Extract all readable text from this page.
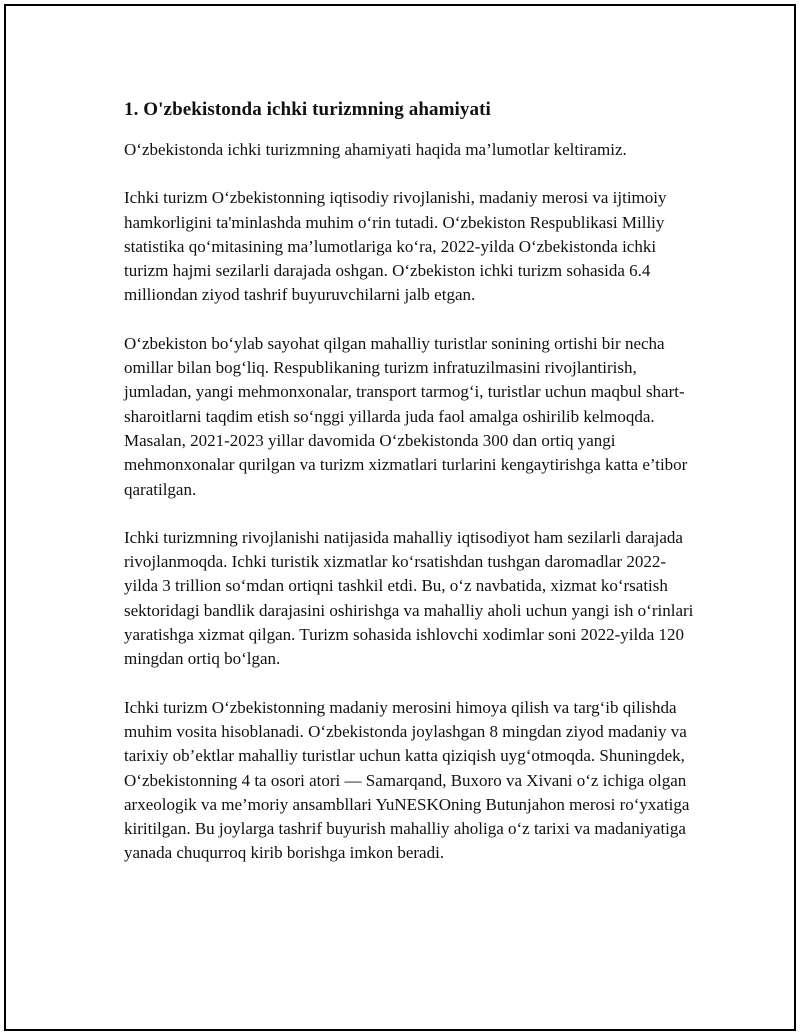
1. O'zbekistonda ichki turizmning ahamiyati

O‘zbekistonda ichki turizmning ahamiyati haqida ma’lumotlar keltiramiz.

Ichki turizm O‘zbekistonning iqtisodiy rivojlanishi, madaniy merosi va ijtimoiy hamkorligini ta'minlashda muhim o‘rin tutadi. O‘zbekiston Respublikasi Milliy statistika qo‘mitasining ma’lumotlariga ko‘ra, 2022-yilda O‘zbekistonda ichki turizm hajmi sezilarli darajada oshgan. O‘zbekiston ichki turizm sohasida 6.4 milliondan ziyod tashrif buyuruvchilarni jalb etgan.

O‘zbekiston bo‘ylab sayohat qilgan mahalliy turistlar sonining ortishi bir necha omillar bilan bog‘liq. Respublikaning turizm infratuzilmasini rivojlantirish, jumladan, yangi mehmonxonalar, transport tarmog‘i, turistlar uchun maqbul shart-sharoitlarni taqdim etish so‘nggi yillarda juda faol amalga oshirilib kelmoqda. Masalan, 2021-2023 yillar davomida O‘zbekistonda 300 dan ortiq yangi mehmonxonalar qurilgan va turizm xizmatlari turlarini kengaytirishga katta e’tibor qaratilgan.

Ichki turizmning rivojlanishi natijasida mahalliy iqtisodiyot ham sezilarli darajada rivojlanmoqda. Ichki turistik xizmatlar ko‘rsatishdan tushgan daromadlar 2022-yilda 3 trillion so‘mdan ortiqni tashkil etdi. Bu, o‘z navbatida, xizmat ko‘rsatish sektoridagi bandlik darajasini oshirishga va mahalliy aholi uchun yangi ish o‘rinlari yaratishga xizmat qilgan. Turizm sohasida ishlovchi xodimlar soni 2022-yilda 120 mingdan ortiq bo‘lgan.

Ichki turizm O‘zbekistonning madaniy merosini himoya qilish va targ‘ib qilishda muhim vosita hisoblanadi. O‘zbekistonda joylashgan 8 mingdan ziyod madaniy va tarixiy ob’ektlar mahalliy turistlar uchun katta qiziqish uyg‘otmoqda. Shuningdek, O‘zbekistonning 4 ta osori atori — Samarqand, Buxoro va Xivani o‘z ichiga olgan arxeologik va me’moriy ansambllari YuNESKOning Butunjahon merosi ro‘yxatiga kiritilgan. Bu joylarga tashrif buyurish mahalliy aholiga o‘z tarixi va madaniyatiga yanada chuqurroq kirib borishga imkon beradi.
